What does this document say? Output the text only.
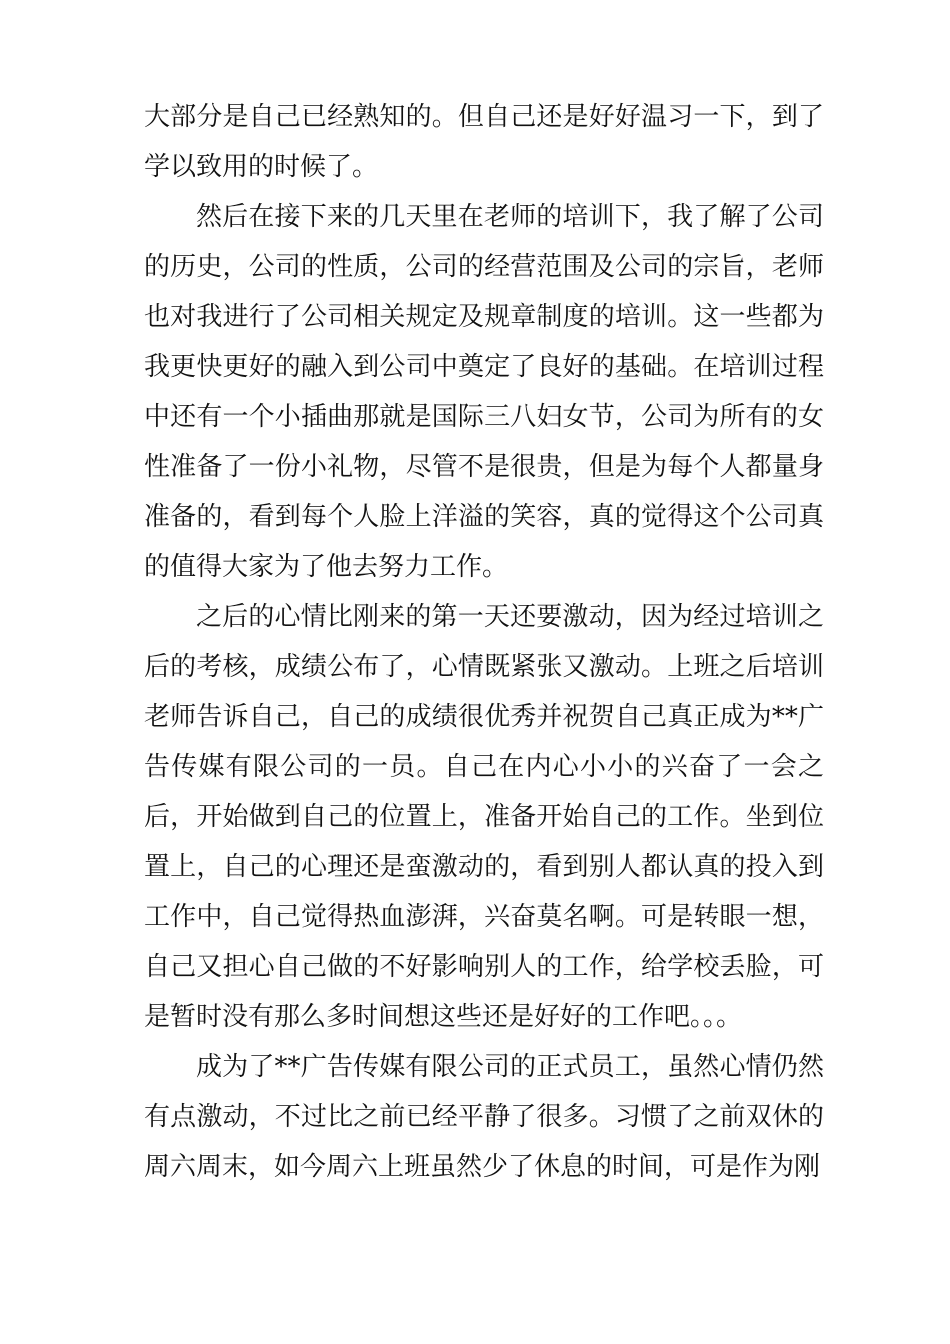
大部分是自己已经熟知的。但自己还是好好温习一下，到了学以致用的时候了。

然后在接下来的几天里在老师的培训下，我了解了公司的历史，公司的性质，公司的经营范围及公司的宗旨，老师也对我进行了公司相关规定及规章制度的培训。这一些都为我更快更好的融入到公司中奠定了良好的基础。在培训过程中还有一个小插曲那就是国际三八妇女节，公司为所有的女性准备了一份小礼物，尽管不是很贵，但是为每个人都量身准备的，看到每个人脸上洋溢的笑容，真的觉得这个公司真的值得大家为了他去努力工作。

之后的心情比刚来的第一天还要激动，因为经过培训之后的考核，成绩公布了，心情既紧张又激动。上班之后培训老师告诉自己，自己的成绩很优秀并祝贺自己真正成为**广告传媒有限公司的一员。自己在内心小小的兴奋了一会之后，开始做到自己的位置上，准备开始自己的工作。坐到位置上，自己的心理还是蛮激动的，看到别人都认真的投入到工作中，自己觉得热血澎湃，兴奋莫名啊。可是转眼一想，自己又担心自己做的不好影响别人的工作，给学校丢脸，可是暂时没有那么多时间想这些还是好好的工作吧。。。

成为了**广告传媒有限公司的正式员工，虽然心情仍然有点激动，不过比之前已经平静了很多。习惯了之前双休的周六周末，如今周六上班虽然少了休息的时间，可是作为刚
